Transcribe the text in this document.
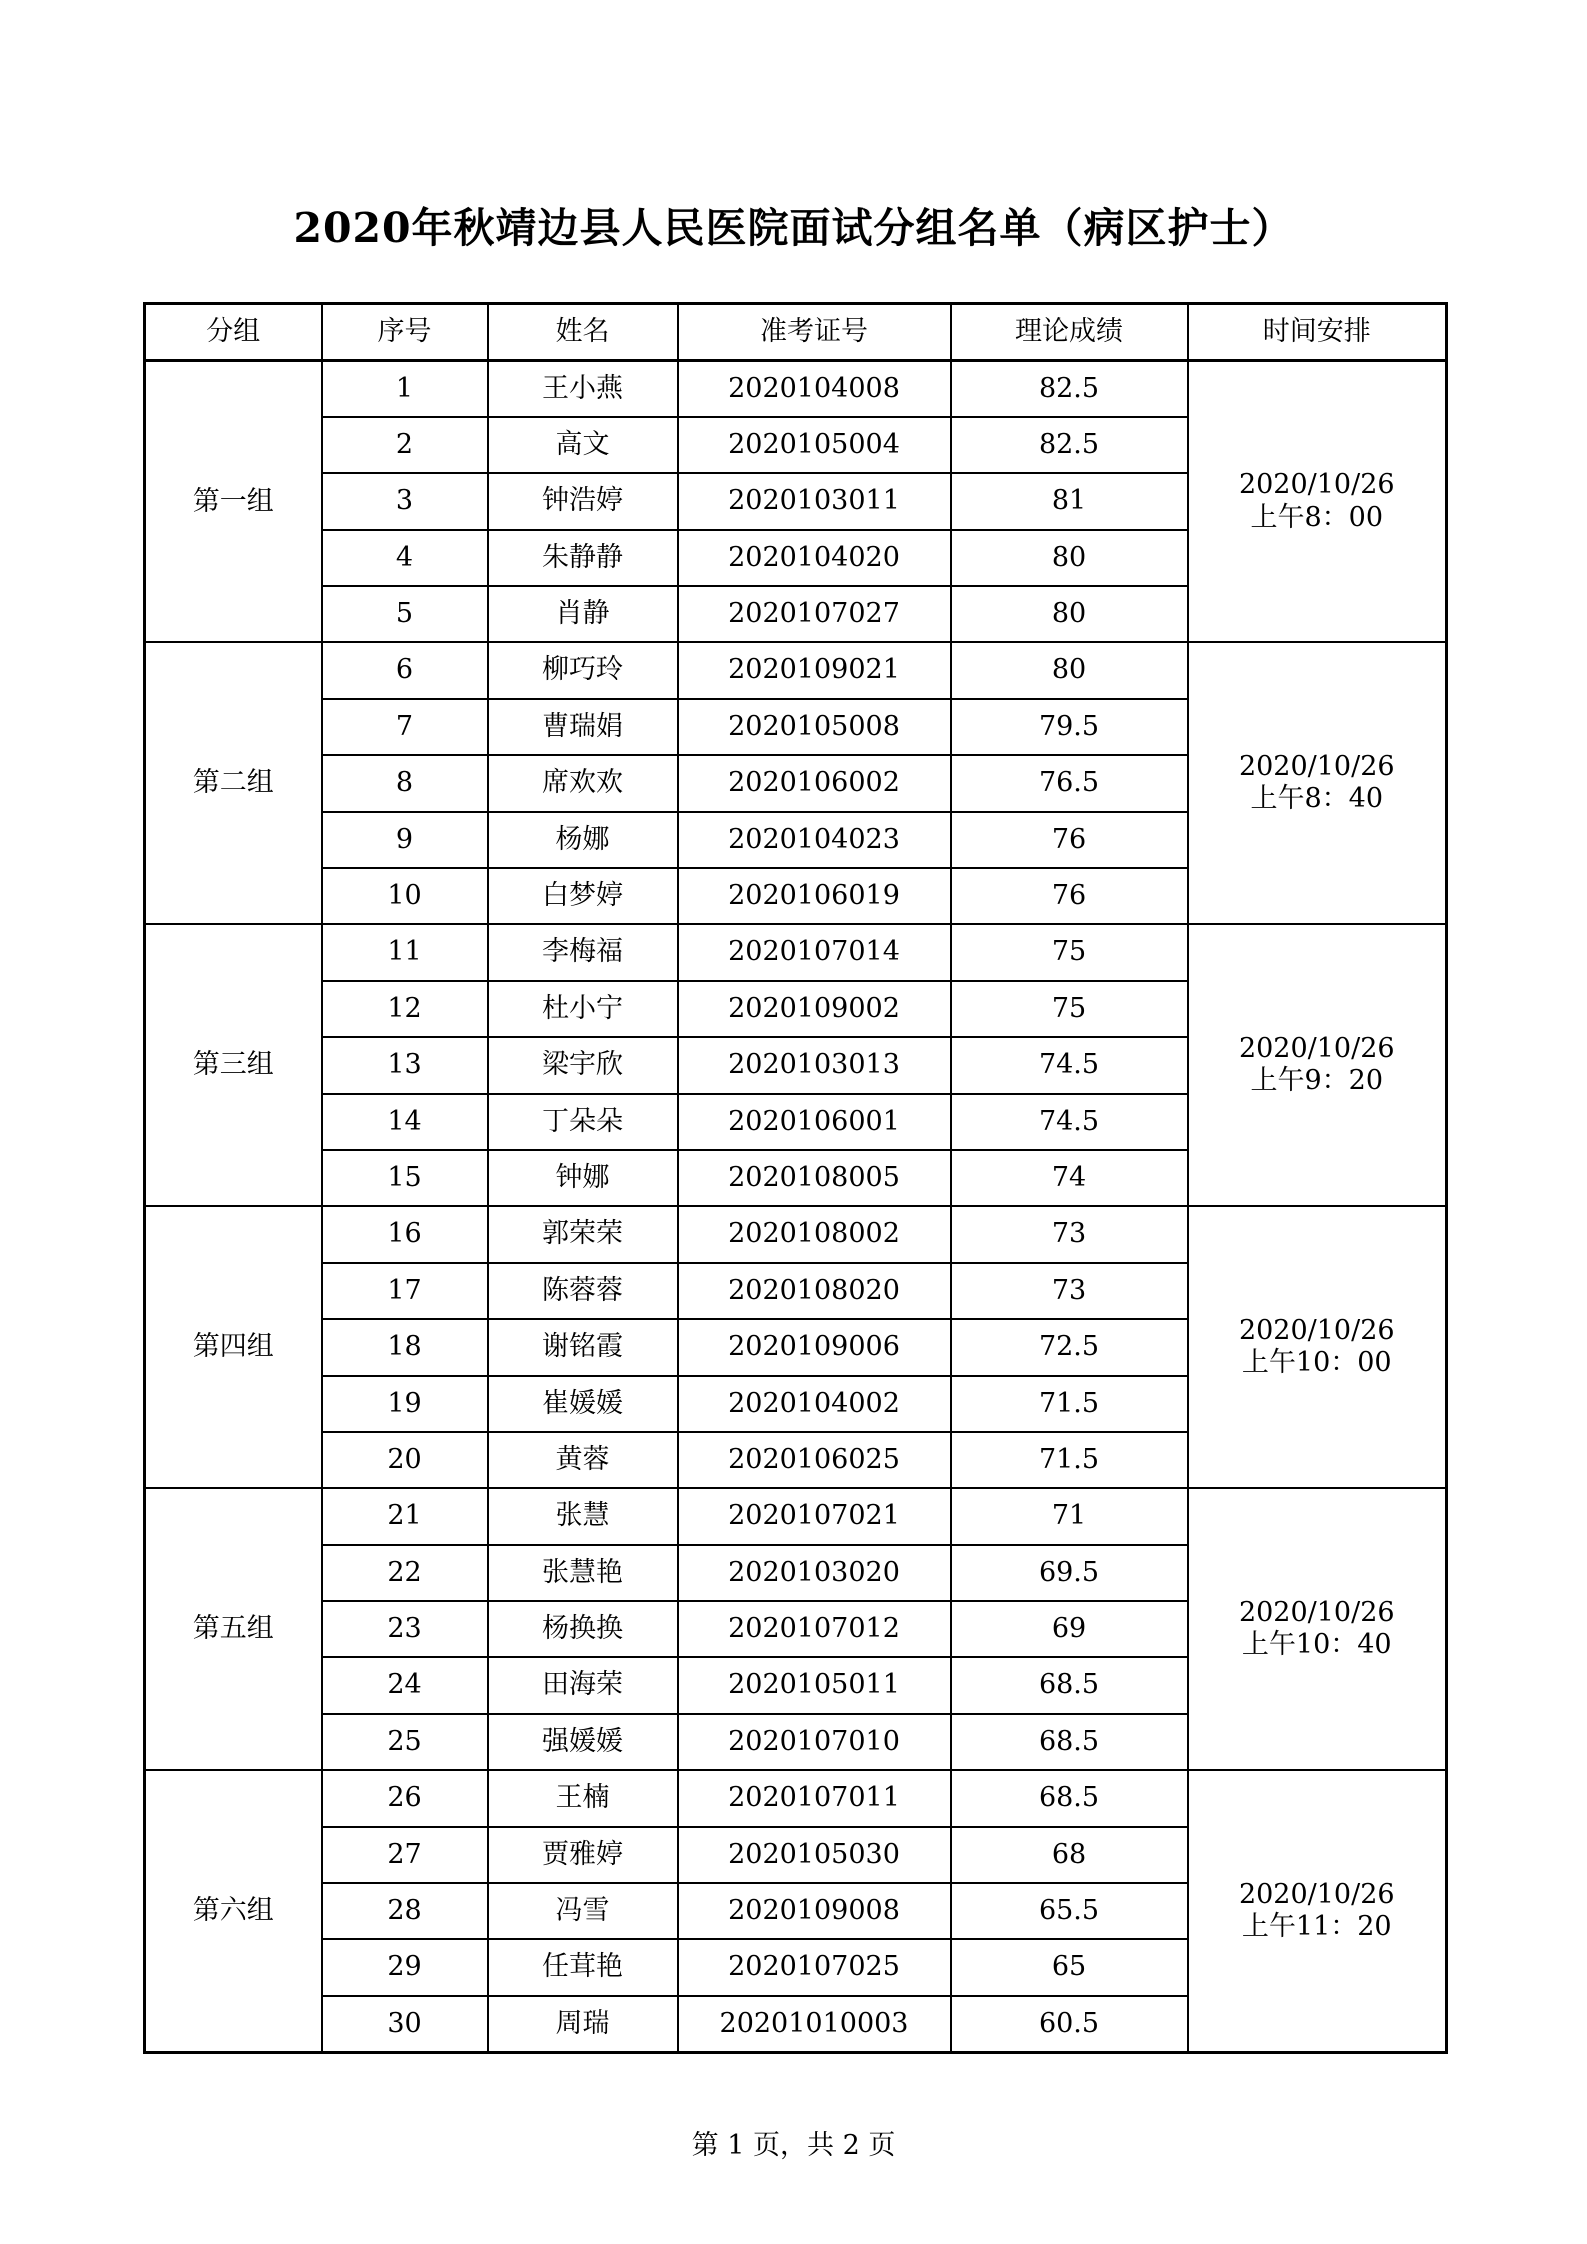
2020年秋靖边县人民医院面试分组名单（病区护士）
分组	序号	姓名	准考证号	理论成绩	时间安排
第一组	1	王小燕	2020104008	82.5	2020/10/26
上午8：00

	2	高文	2020105004	82.5	
	3	钟浩婷	2020103011	81	
	4	朱静静	2020104020	80	
	5	肖静	2020107027	80	
第二组	6	柳巧玲	2020109021	80	2020/10/26
上午8：40

	7	曹瑞娟	2020105008	79.5	
	8	席欢欢	2020106002	76.5	
	9	杨娜	2020104023	76	
	10	白梦婷	2020106019	76	
第三组	11	李梅福	2020107014	75	2020/10/26
上午9：20

	12	杜小宁	2020109002	75	
	13	梁宇欣	2020103013	74.5	
	14	丁朵朵	2020106001	74.5	
	15	钟娜	2020108005	74	
第四组	16	郭荣荣	2020108002	73	2020/10/26
上午10：00

	17	陈蓉蓉	2020108020	73	
	18	谢铭霞	2020109006	72.5	
	19	崔媛媛	2020104002	71.5	
	20	黄蓉	2020106025	71.5	
第五组	21	张慧	2020107021	71	2020/10/26
上午10：40

	22	张慧艳	2020103020	69.5	
	23	杨换换	2020107012	69	
	24	田海荣	2020105011	68.5	
	25	强媛媛	2020107010	68.5	
第六组	26	王楠	2020107011	68.5	2020/10/26
上午11：20

	27	贾雅婷	2020105030	68	
	28	冯雪	2020109008	65.5	
	29	任茸艳	2020107025	65	
	30	周瑞	20201010003	60.5	
第 1 页，共 2 页
